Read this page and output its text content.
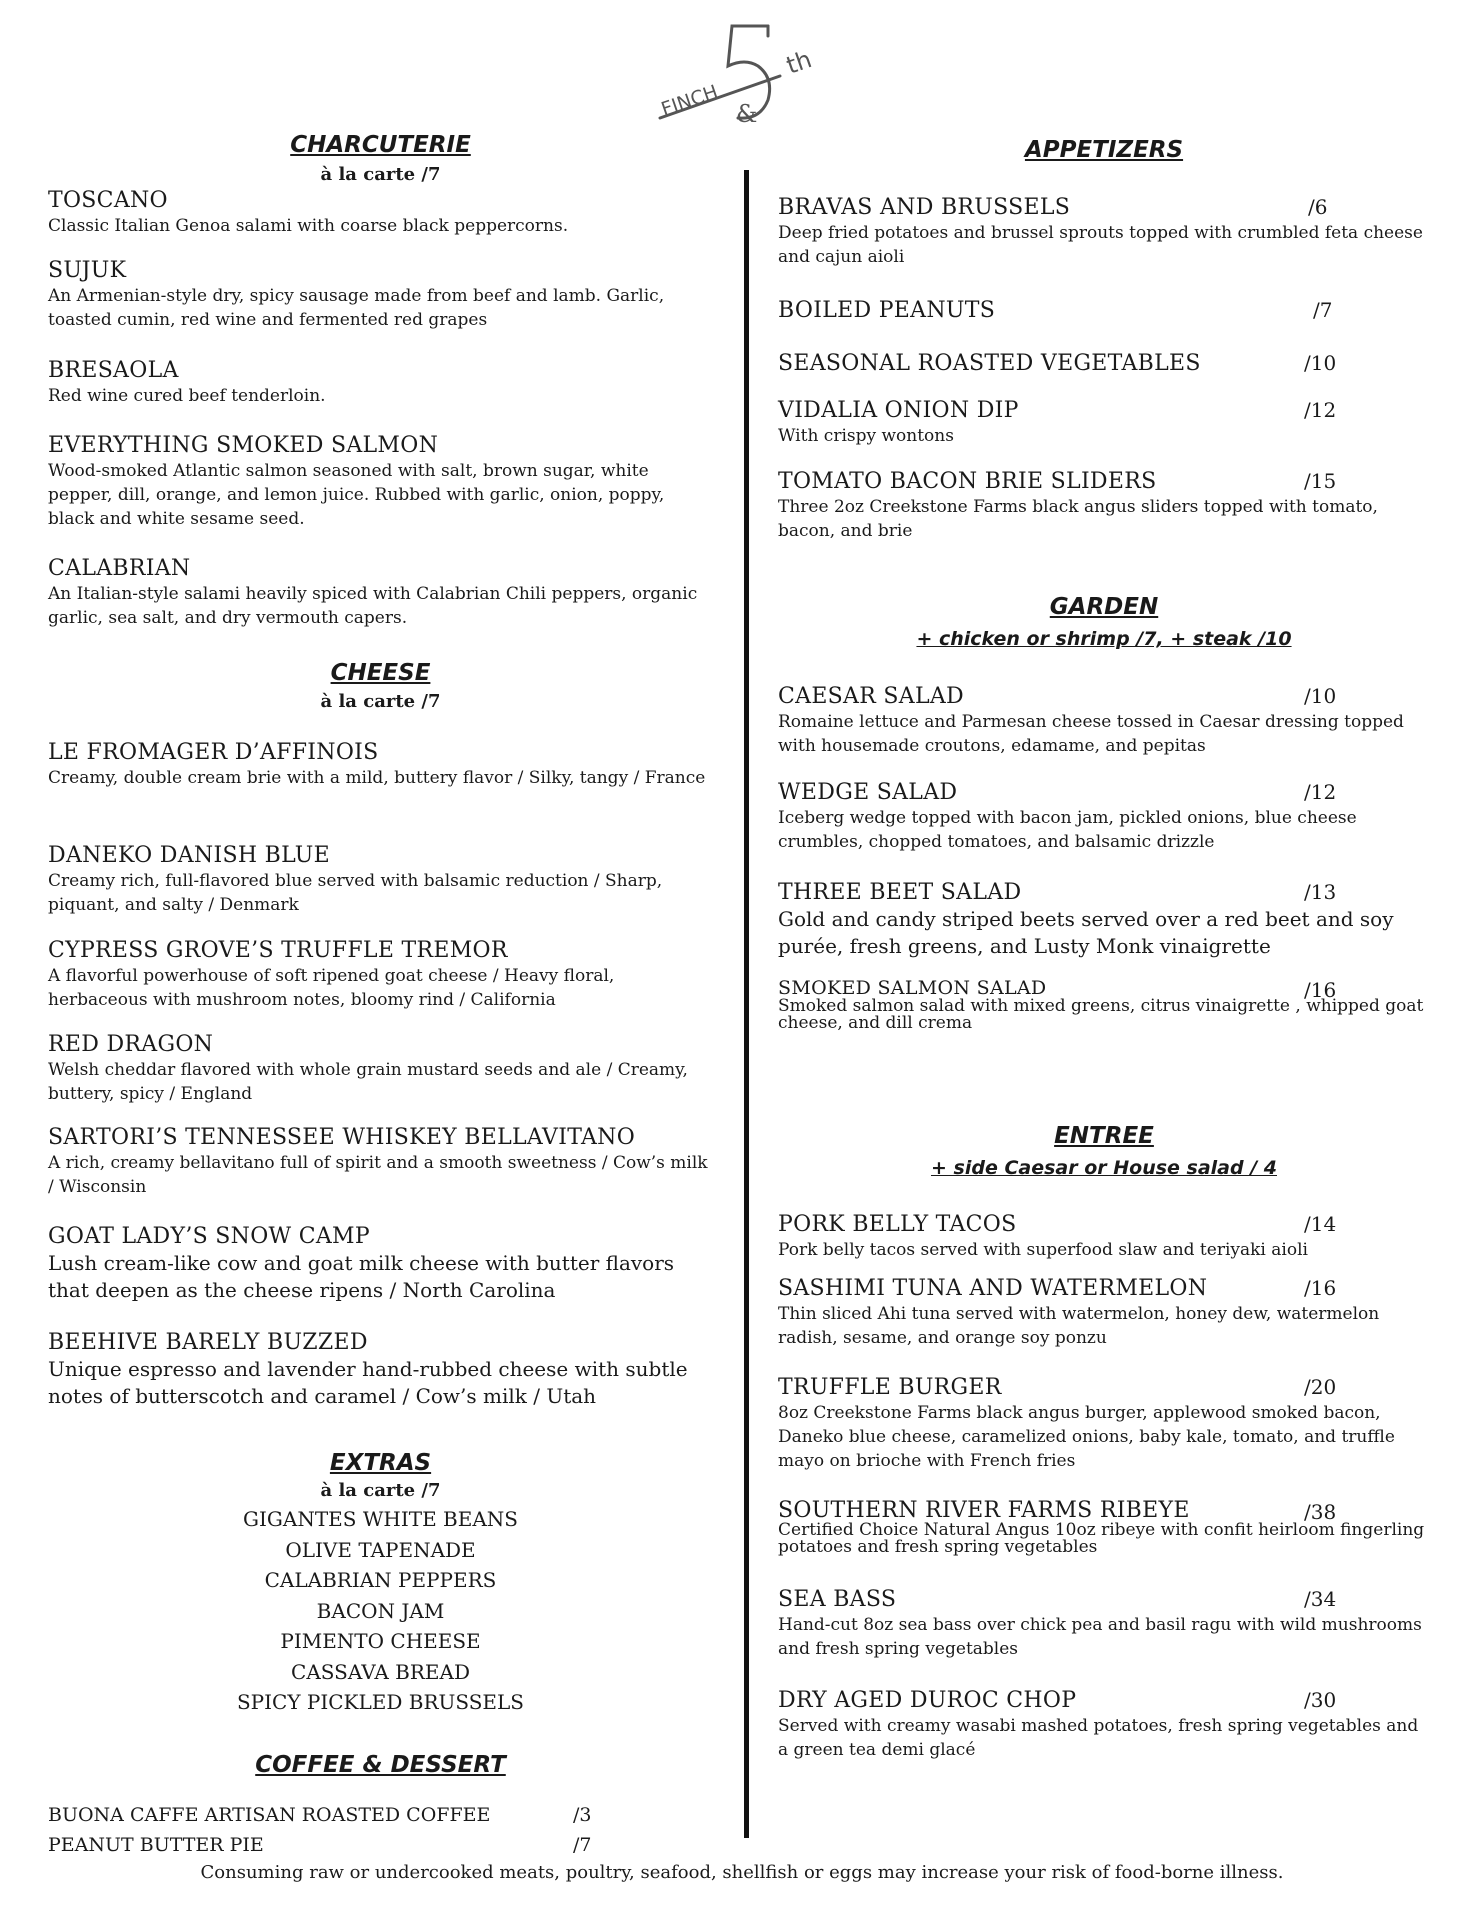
FINCH &
th
CHARCUTERIE
à la carte /7
TOSCANO
Classic Italian Genoa salami with coarse black peppercorns.
SUJUK
An Armenian-style dry, spicy sausage made from beef and lamb. Garlic, toasted cumin, red wine and fermented red grapes
BRESAOLA
Red wine cured beef tenderloin.
EVERYTHING SMOKED SALMON
Wood-smoked Atlantic salmon seasoned with salt, brown sugar, white pepper, dill, orange, and lemon juice. Rubbed with garlic, onion, poppy, black and white sesame seed.
CALABRIAN
An Italian-style salami heavily spiced with Calabrian Chili peppers, organic garlic, sea salt, and dry vermouth capers.
CHEESE
à la carte /7
LE FROMAGER D’AFFINOIS
Creamy, double cream brie with a mild, buttery flavor / Silky, tangy / France
DANEKO DANISH BLUE
Creamy rich, full-flavored blue served with balsamic reduction / Sharp, piquant, and salty / Denmark
CYPRESS GROVE’S TRUFFLE TREMOR
A flavorful powerhouse of soft ripened goat cheese / Heavy floral, herbaceous with mushroom notes, bloomy rind / California
RED DRAGON
Welsh cheddar flavored with whole grain mustard seeds and ale / Creamy, buttery, spicy / England
SARTORI’S TENNESSEE WHISKEY BELLAVITANO
A rich, creamy bellavitano full of spirit and a smooth sweetness / Cow’s milk / Wisconsin
GOAT LADY’S SNOW CAMP
Lush cream-like cow and goat milk cheese with butter flavors that deepen as the cheese ripens / North Carolina
BEEHIVE BARELY BUZZED
Unique espresso and lavender hand-rubbed cheese with subtle notes of butterscotch and caramel / Cow’s milk / Utah
EXTRAS
à la carte /7
GIGANTES WHITE BEANS
OLIVE TAPENADE
CALABRIAN PEPPERS
BACON JAM
PIMENTO CHEESE
CASSAVA BREAD
SPICY PICKLED BRUSSELS
COFFEE & DESSERT
BUONA CAFFE ARTISAN ROASTED COFFEE	/3
PEANUT BUTTER PIE	/7
APPETIZERS
BRAVAS AND BRUSSELS	/6
Deep fried potatoes and brussel sprouts topped with crumbled feta cheese and cajun aioli
BOILED PEANUTS	/7
SEASONAL ROASTED VEGETABLES	/10
VIDALIA ONION DIP	/12
With crispy wontons
TOMATO BACON BRIE SLIDERS	/15
Three 2oz Creekstone Farms black angus sliders topped with tomato, bacon, and brie
GARDEN
+ chicken or shrimp /7, + steak /10
CAESAR SALAD	/10
Romaine lettuce and Parmesan cheese tossed in Caesar dressing topped with housemade croutons, edamame, and pepitas
WEDGE SALAD	/12
Iceberg wedge topped with bacon jam, pickled onions, blue cheese crumbles, chopped tomatoes, and balsamic drizzle
THREE BEET SALAD	/13
Gold and candy striped beets served over a red beet and soy purée, fresh greens, and Lusty Monk vinaigrette
SMOKED SALMON SALAD	/16
Smoked salmon salad with mixed greens, citrus vinaigrette , whipped goat cheese, and dill crema
ENTREE
+ side Caesar or House salad / 4
PORK BELLY TACOS	/14
Pork belly tacos served with superfood slaw and teriyaki aioli
SASHIMI TUNA AND WATERMELON	/16
Thin sliced Ahi tuna served with watermelon, honey dew, watermelon radish, sesame, and orange soy ponzu
TRUFFLE BURGER	/20
8oz Creekstone Farms black angus burger, applewood smoked bacon, Daneko blue cheese, caramelized onions, baby kale, tomato, and truffle mayo on brioche with French fries
SOUTHERN RIVER FARMS RIBEYE	/38
Certified Choice Natural Angus 10oz ribeye with confit heirloom fingerling potatoes and fresh spring vegetables
SEA BASS	/34
Hand-cut 8oz sea bass over chick pea and basil ragu with wild mushrooms and fresh spring vegetables
DRY AGED DUROC CHOP	/30
Served with creamy wasabi mashed potatoes, fresh spring vegetables and a green tea demi glacé
Consuming raw or undercooked meats, poultry, seafood, shellfish or eggs may increase your risk of food-borne illness.
